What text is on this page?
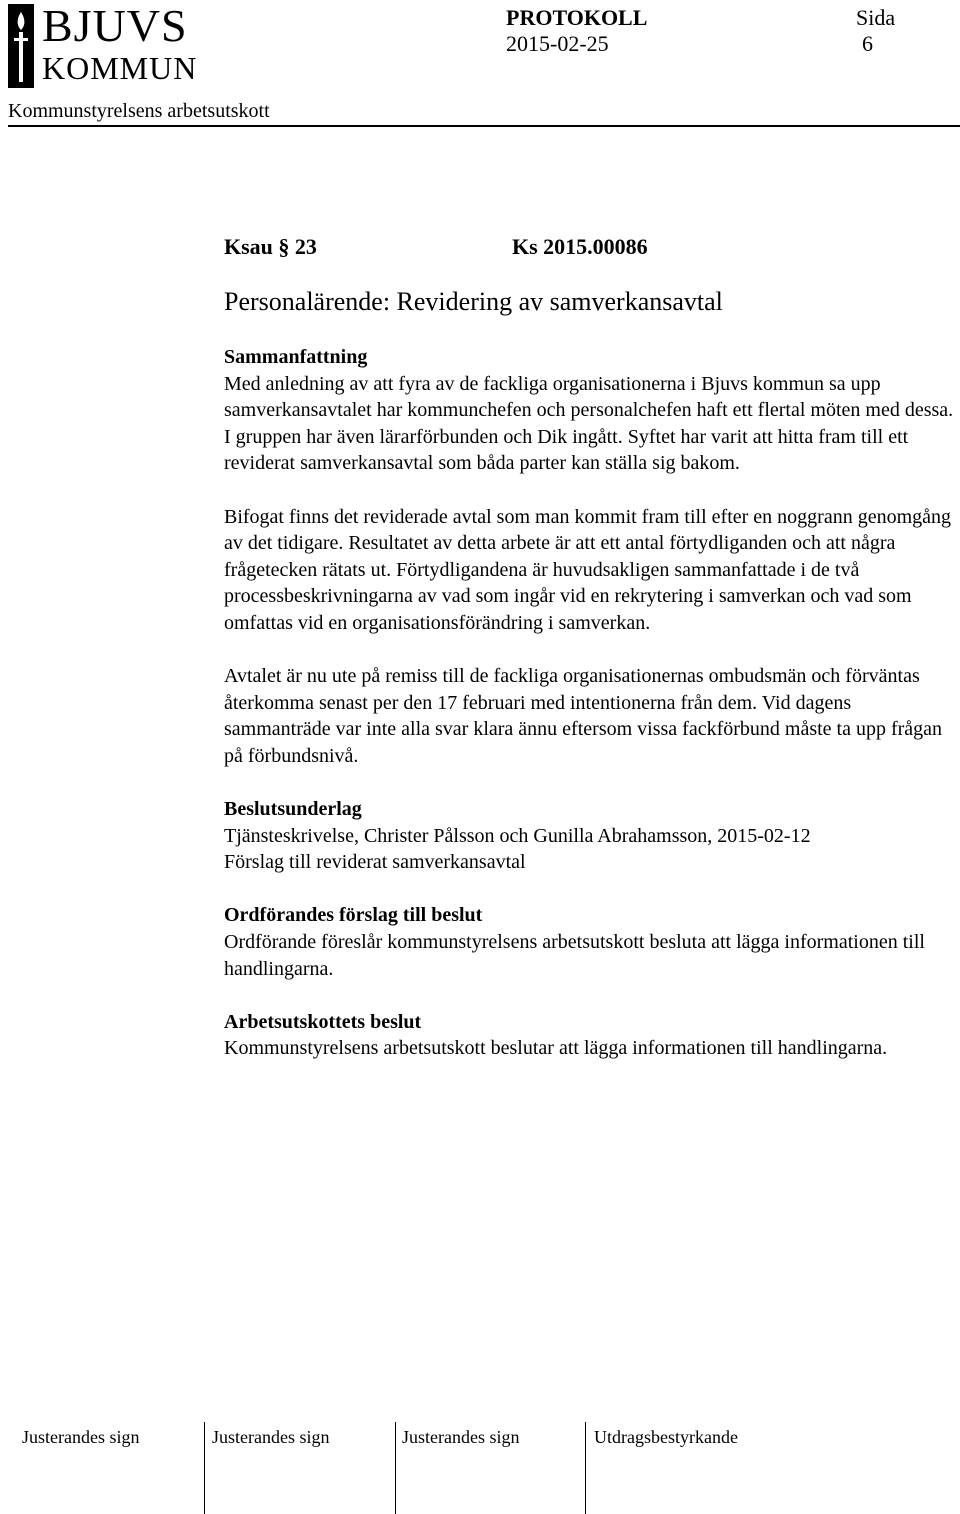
BJUVS
KOMMUN
PROTOKOLL
2015-02-25
Sida
6
Kommunstyrelsens arbetsutskott
Ksau § 23	Ks 2015.00086
Personalärende: Revidering av samverkansavtal
Sammanfattning

Med anledning av att fyra av de fackliga organisationerna i Bjuvs kommun sa upp samverkansavtalet har kommunchefen och personalchefen haft ett flertal möten med dessa. I gruppen har även lärarförbunden och Dik ingått. Syftet har varit att hitta fram till ett reviderat samverkansavtal som båda parter kan ställa sig bakom.

Bifogat finns det reviderade avtal som man kommit fram till efter en noggrann genomgång av det tidigare. Resultatet av detta arbete är att ett antal förtydliganden och att några frågetecken rätats ut. Förtydligandena är huvudsakligen sammanfattade i de två processbeskrivningarna av vad som ingår vid en rekrytering i samverkan och vad som omfattas vid en organisationsförändring i samverkan.

Avtalet är nu ute på remiss till de fackliga organisationernas ombudsmän och förväntas återkomma senast per den 17 februari med intentionerna från dem. Vid dagens sammanträde var inte alla svar klara ännu eftersom vissa fackförbund måste ta upp frågan på förbundsnivå.

Beslutsunderlag

Tjänsteskrivelse, Christer Pålsson och Gunilla Abrahamsson, 2015-02-12

Förslag till reviderat samverkansavtal

Ordförandes förslag till beslut

Ordförande föreslår kommunstyrelsens arbetsutskott besluta att lägga informationen till handlingarna.

Arbetsutskottets beslut

Kommunstyrelsens arbetsutskott beslutar att lägga informationen till handlingarna.

Justerandes sign	Justerandes sign	Justerandes sign	Utdragsbestyrkande
